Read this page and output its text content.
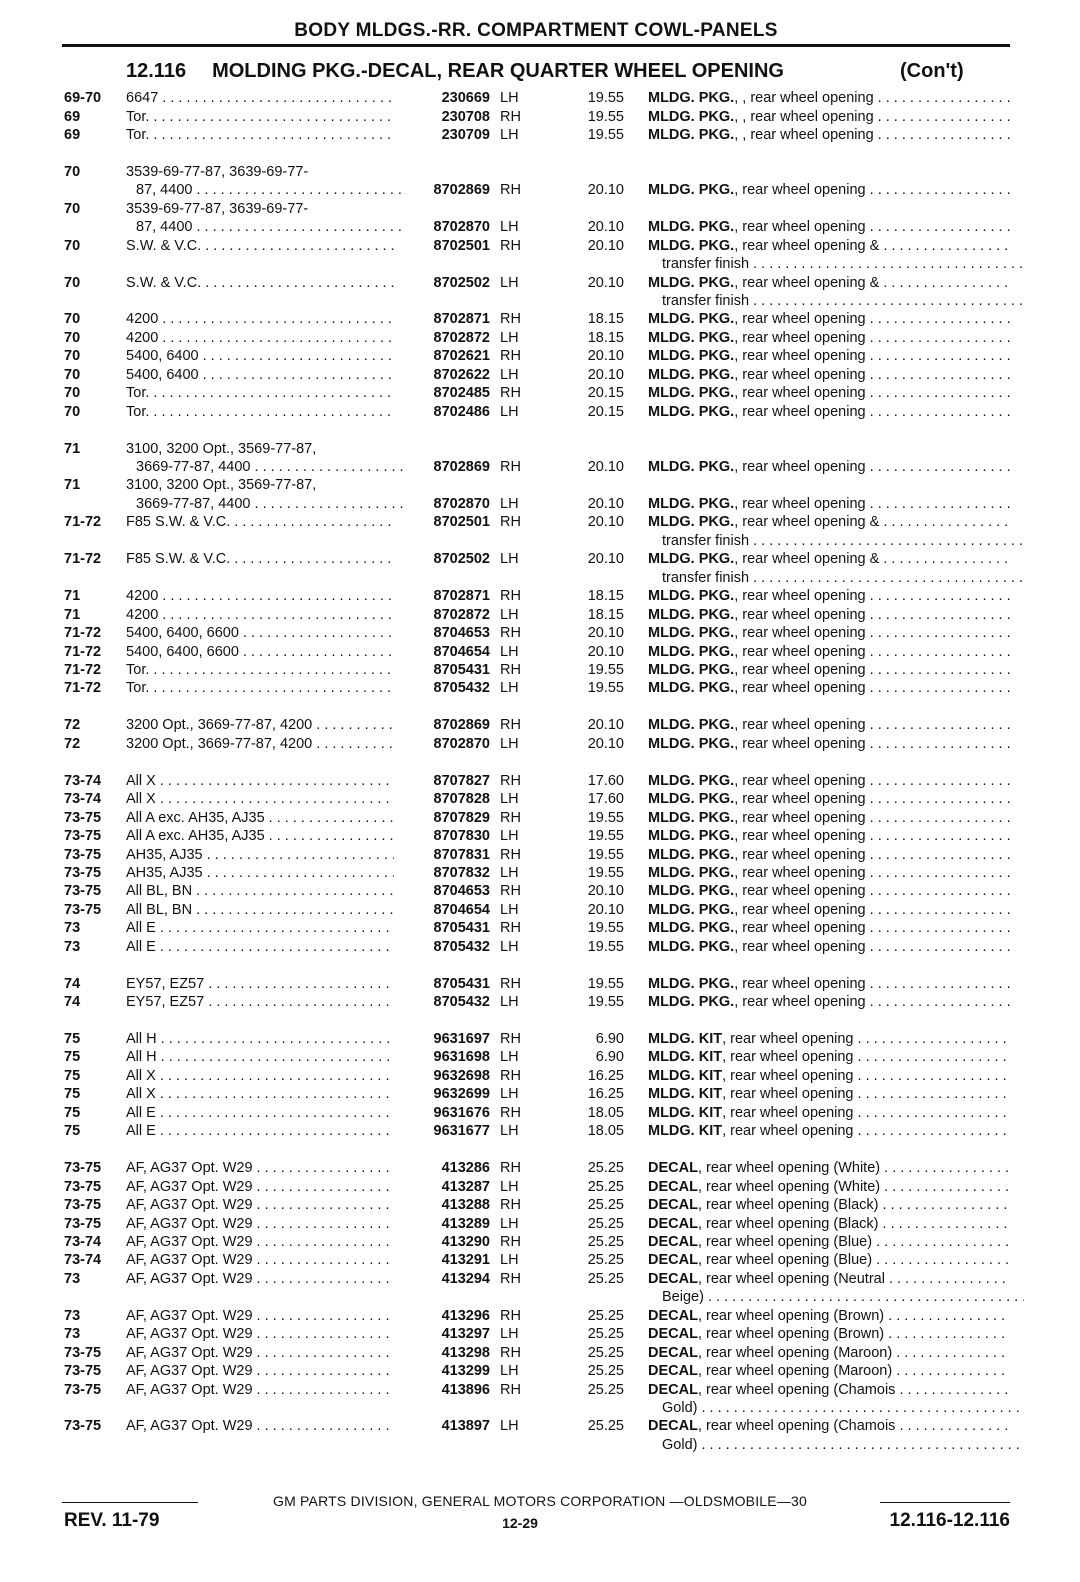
BODY MLDGS.-RR. COMPARTMENT COWL-PANELS
12.116 MOLDING PKG.-DECAL, REAR QUARTER WHEEL OPENING	(Con't)
69-70	6647 . . .	230669 LH	19.55 MLDG. PKG., , rear wheel opening . . .
69	Tor. . . .	230708 RH	19.55 MLDG. PKG., , rear wheel opening . . .
69	Tor. . . .	230709 LH	19.55 MLDG. PKG., , rear wheel opening . . .
70	3539-69-77-87, 3639-69-77-
87, 4400 . . .	8702869 RH	20.10 MLDG. PKG., rear wheel opening . . .
70	3539-69-77-87, 3639-69-77-
87, 4400 . . .	8702870 LH	20.10 MLDG. PKG., rear wheel opening . . .
70	S.W. & V.C. . . .	8702501 RH	20.10 MLDG. PKG., rear wheel opening & . . .
transfer finish . . .
70	S.W. & V.C. . . .	8702502 LH	20.10 MLDG. PKG., rear wheel opening & . . .
transfer finish . . .
70	4200 . . .	8702871 RH	18.15 MLDG. PKG., rear wheel opening . . .
70	4200 . . .	8702872 LH	18.15 MLDG. PKG., rear wheel opening . . .
70	5400, 6400 . . .	8702621 RH	20.10 MLDG. PKG., rear wheel opening . . .
70	5400, 6400 . . .	8702622 LH	20.10 MLDG. PKG., rear wheel opening . . .
70	Tor. . . .	8702485 RH	20.15 MLDG. PKG., rear wheel opening . . .
70	Tor. . . .	8702486 LH	20.15 MLDG. PKG., rear wheel opening . . .
71	3100, 3200 Opt., 3569-77-87,
3669-77-87, 4400 . . .	8702869 RH	20.10 MLDG. PKG., rear wheel opening . . .
71	3100, 3200 Opt., 3569-77-87,
3669-77-87, 4400 . . .	8702870 LH	20.10 MLDG. PKG., rear wheel opening . . .
71-72	F85 S.W. & V.C. . . .	8702501 RH	20.10 MLDG. PKG., rear wheel opening & . . .
transfer finish . . .
71-72	F85 S.W. & V.C. . . .	8702502 LH	20.10 MLDG. PKG., rear wheel opening & . . .
transfer finish . . .
71	4200 . . .	8702871 RH	18.15 MLDG. PKG., rear wheel opening . . .
71	4200 . . .	8702872 LH	18.15 MLDG. PKG., rear wheel opening . . .
71-72	5400, 6400, 6600 . . .	8704653 RH	20.10 MLDG. PKG., rear wheel opening . . .
71-72	5400, 6400, 6600 . . .	8704654 LH	20.10 MLDG. PKG., rear wheel opening . . .
71-72	Tor. . . .	8705431 RH	19.55 MLDG. PKG., rear wheel opening . . .
71-72	Tor. . . .	8705432 LH	19.55 MLDG. PKG., rear wheel opening . . .
72	3200 Opt., 3669-77-87, 4200 . . .	8702869 RH	20.10 MLDG. PKG., rear wheel opening . . .
72	3200 Opt., 3669-77-87, 4200 . . .	8702870 LH	20.10 MLDG. PKG., rear wheel opening . . .
73-74	All X . . .	8707827 RH	17.60 MLDG. PKG., rear wheel opening . . .
73-74	All X . . .	8707828 LH	17.60 MLDG. PKG., rear wheel opening . . .
73-75	All A exc. AH35, AJ35 . . .	8707829 RH	19.55 MLDG. PKG., rear wheel opening . . .
73-75	All A exc. AH35, AJ35 . . .	8707830 LH	19.55 MLDG. PKG., rear wheel opening . . .
73-75	AH35, AJ35 . . .	8707831 RH	19.55 MLDG. PKG., rear wheel opening . . .
73-75	AH35, AJ35 . . .	8707832 LH	19.55 MLDG. PKG., rear wheel opening . . .
73-75	All BL, BN . . .	8704653 RH	20.10 MLDG. PKG., rear wheel opening . . .
73-75	All BL, BN . . .	8704654 LH	20.10 MLDG. PKG., rear wheel opening . . .
73	All E . . .	8705431 RH	19.55 MLDG. PKG., rear wheel opening . . .
73	All E . . .	8705432 LH	19.55 MLDG. PKG., rear wheel opening . . .
74	EY57, EZ57 . . .	8705431 RH	19.55 MLDG. PKG., rear wheel opening . . .
74	EY57, EZ57 . . .	8705432 LH	19.55 MLDG. PKG., rear wheel opening . . .
75	All H . . .	9631697 RH	6.90 MLDG. KIT, rear wheel opening . . .
75	All H . . .	9631698 LH	6.90 MLDG. KIT, rear wheel opening . . .
75	All X . . .	9632698 RH	16.25 MLDG. KIT, rear wheel opening . . .
75	All X . . .	9632699 LH	16.25 MLDG. KIT, rear wheel opening . . .
75	All E . . .	9631676 RH	18.05 MLDG. KIT, rear wheel opening . . .
75	All E . . .	9631677 LH	18.05 MLDG. KIT, rear wheel opening . . .
73-75	AF, AG37 Opt. W29 . . .	413286 RH	25.25 DECAL, rear wheel opening (White) . . .
73-75	AF, AG37 Opt. W29 . . .	413287 LH	25.25 DECAL, rear wheel opening (White) . . .
73-75	AF, AG37 Opt. W29 . . .	413288 RH	25.25 DECAL, rear wheel opening (Black) . . .
73-75	AF, AG37 Opt. W29 . . .	413289 LH	25.25 DECAL, rear wheel opening (Black) . . .
73-74	AF, AG37 Opt. W29 . . .	413290 RH	25.25 DECAL, rear wheel opening (Blue) . . .
73-74	AF, AG37 Opt. W29 . . .	413291 LH	25.25 DECAL, rear wheel opening (Blue) . . .
73	AF, AG37 Opt. W29 . . .	413294 RH	25.25 DECAL, rear wheel opening (Neutral . . .
Beige) . . .
73	AF, AG37 Opt. W29 . . .	413296 RH	25.25 DECAL, rear wheel opening (Brown) . . .
73	AF, AG37 Opt. W29 . . .	413297 LH	25.25 DECAL, rear wheel opening (Brown) . . .
73-75	AF, AG37 Opt. W29 . . .	413298 RH	25.25 DECAL, rear wheel opening (Maroon) . . .
73-75	AF, AG37 Opt. W29 . . .	413299 LH	25.25 DECAL, rear wheel opening (Maroon) . . .
73-75	AF, AG37 Opt. W29 . . .	413896 RH	25.25 DECAL, rear wheel opening (Chamois . . .
Gold) . . .
73-75	AF, AG37 Opt. W29 . . .	413897 LH	25.25 DECAL, rear wheel opening (Chamois . . .
Gold) . . .
GM PARTS DIVISION, GENERAL MOTORS CORPORATION —OLDSMOBILE—30
REV. 11-79	12-29	12.116-12.116
